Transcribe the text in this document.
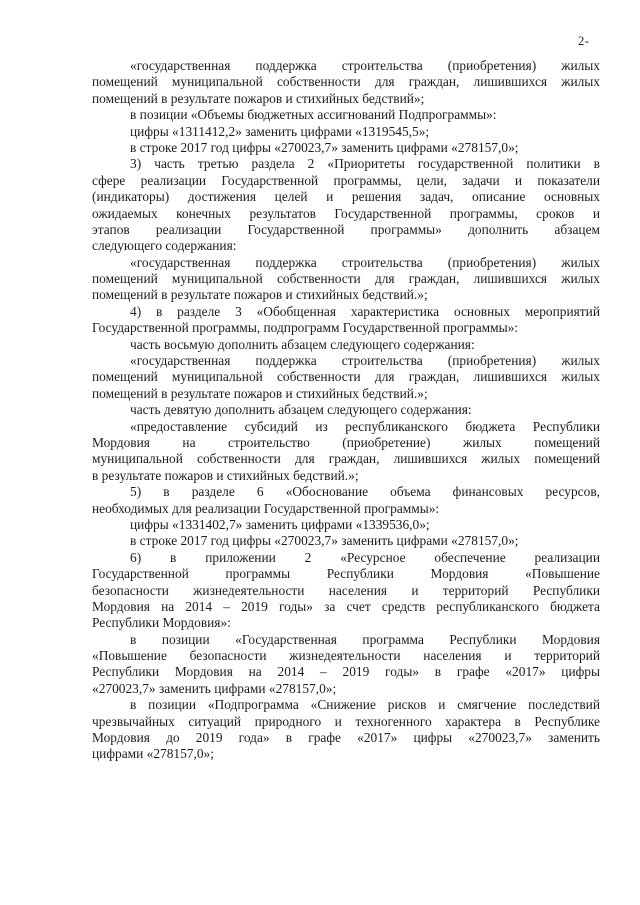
2-
«государственная поддержка строительства (приобретения) жилых
помещений муниципальной собственности для граждан, лишившихся жилых
помещений в результате пожаров и стихийных бедствий»;
в позиции «Объемы бюджетных ассигнований Подпрограммы»:
цифры «1311412,2» заменить цифрами «1319545,5»;
в строке 2017 год цифры «270023,7» заменить цифрами «278157,0»;
3) часть третью раздела 2 «Приоритеты государственной политики в
сфере реализации Государственной программы, цели, задачи и показатели
(индикаторы) достижения целей и решения задач, описание основных
ожидаемых конечных результатов Государственной программы, сроков и
этапов реализации Государственной программы» дополнить абзацем
следующего содержания:
«государственная поддержка строительства (приобретения) жилых
помещений муниципальной собственности для граждан, лишившихся жилых
помещений в результате пожаров и стихийных бедствий.»;
4) в разделе 3 «Обобщенная характеристика основных мероприятий
Государственной программы, подпрограмм Государственной программы»:
часть восьмую дополнить абзацем следующего содержания:
«государственная поддержка строительства (приобретения) жилых
помещений муниципальной собственности для граждан, лишившихся жилых
помещений в результате пожаров и стихийных бедствий.»;
часть девятую дополнить абзацем следующего содержания:
«предоставление субсидий из республиканского бюджета Республики
Мордовия на строительство (приобретение) жилых помещений
муниципальной собственности для граждан, лишившихся жилых помещений
в результате пожаров и стихийных бедствий.»;
5) в разделе 6 «Обоснование объема финансовых ресурсов,
необходимых для реализации Государственной программы»:
цифры «1331402,7» заменить цифрами «1339536,0»;
в строке 2017 год цифры «270023,7» заменить цифрами «278157,0»;
6) в приложении 2 «Ресурсное обеспечение реализации
Государственной программы Республики Мордовия «Повышение
безопасности жизнедеятельности населения и территорий Республики
Мордовия на 2014 – 2019 годы» за счет средств республиканского бюджета
Республики Мордовия»:
в позиции «Государственная программа Республики Мордовия
«Повышение безопасности жизнедеятельности населения и территорий
Республики Мордовия на 2014 – 2019 годы» в графе «2017» цифры
«270023,7» заменить цифрами «278157,0»;
в позиции «Подпрограмма «Снижение рисков и смягчение последствий
чрезвычайных ситуаций природного и техногенного характера в Республике
Мордовия до 2019 года» в графе «2017» цифры «270023,7» заменить
цифрами «278157,0»;
